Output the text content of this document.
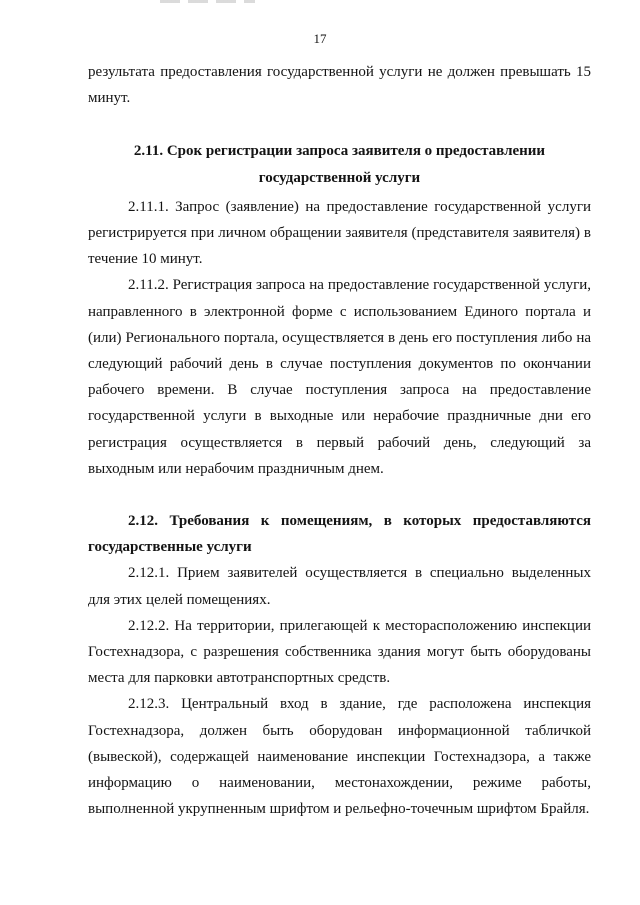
17

результата предоставления государственной услуги не должен превышать 15 минут.

2.11. Срок регистрации запроса заявителя о предоставлении государственной услуги

2.11.1. Запрос (заявление) на предоставление государственной услуги регистрируется при личном обращении заявителя (представителя заявителя) в течение 10 минут.

2.11.2. Регистрация запроса на предоставление государственной услуги, направленного в электронной форме с использованием Единого портала и (или) Регионального портала, осуществляется в день его поступления либо на следующий рабочий день в случае поступления документов по окончании рабочего времени. В случае поступления запроса на предоставление государственной услуги в выходные или нерабочие праздничные дни его регистрация осуществляется в первый рабочий день, следующий за выходным или нерабочим праздничным днем.

2.12. Требования к помещениям, в которых предоставляются государственные услуги

2.12.1. Прием заявителей осуществляется в специально выделенных для этих целей помещениях.

2.12.2. На территории, прилегающей к месторасположению инспекции Гостехнадзора, с разрешения собственника здания могут быть оборудованы места для парковки автотранспортных средств.

2.12.3. Центральный вход в здание, где расположена инспекция Гостехнадзора, должен быть оборудован информационной табличкой (вывеской), содержащей наименование инспекции Гостехнадзора, а также информацию о наименовании, местонахождении, режиме работы, выполненной укрупненным шрифтом и рельефно-точечным шрифтом Брайля.
